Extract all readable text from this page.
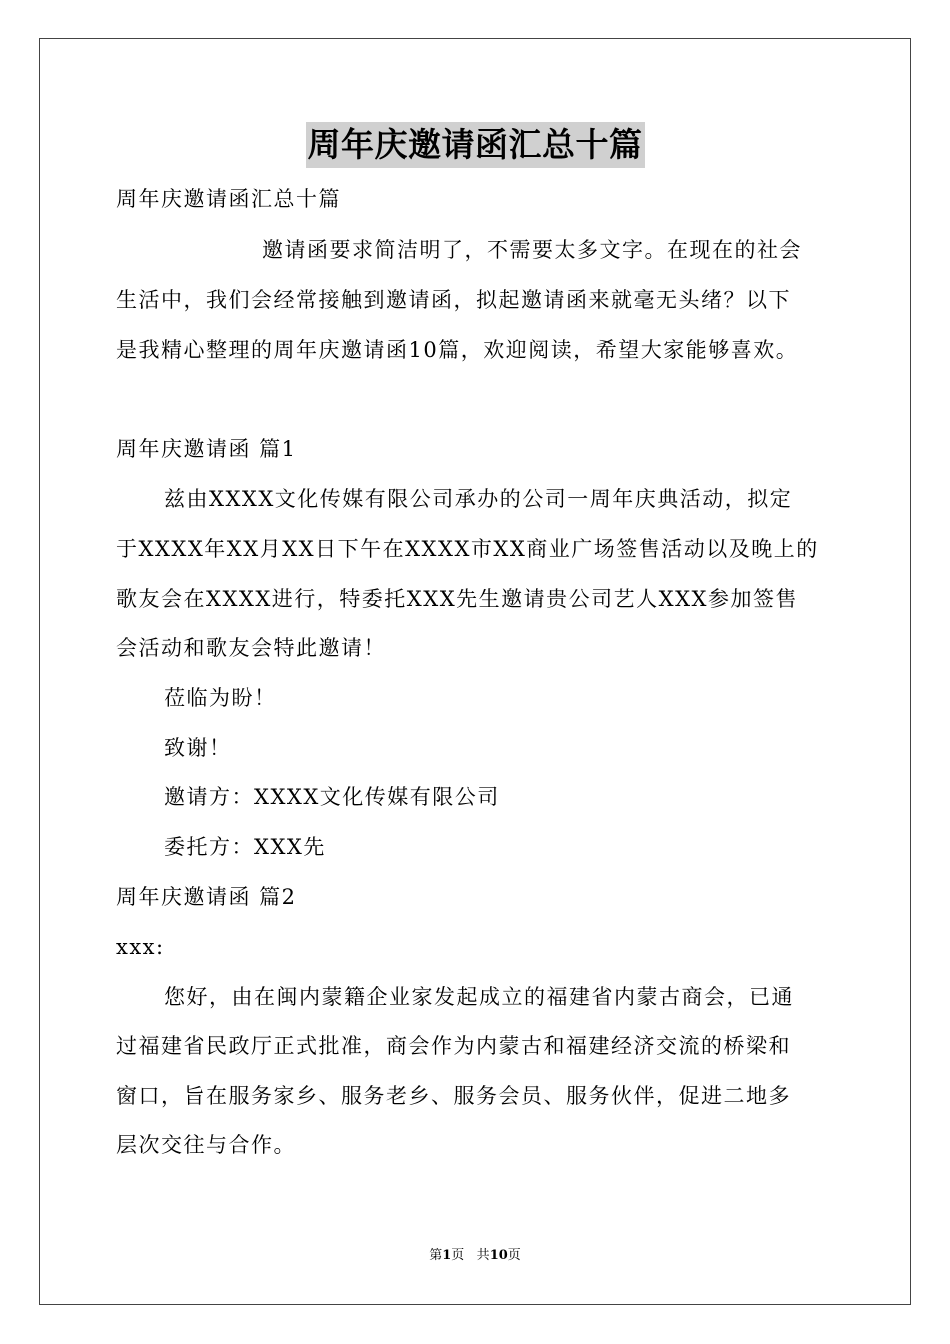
周年庆邀请函汇总十篇
周年庆邀请函汇总十篇
邀请函要求简洁明了，不需要太多文字。在现在的社会
生活中，我们会经常接触到邀请函，拟起邀请函来就毫无头绪？以下
是我精心整理的周年庆邀请函10篇，欢迎阅读，希望大家能够喜欢。
周年庆邀请函 篇1
兹由XXXX文化传媒有限公司承办的公司一周年庆典活动，拟定
于XXXX年XX月XX日下午在XXXX市XX商业广场签售活动以及晚上的
歌友会在XXXX进行，特委托XXX先生邀请贵公司艺人XXX参加签售
会活动和歌友会特此邀请！
莅临为盼！
致谢！
邀请方：XXXX文化传媒有限公司
委托方：XXX先
周年庆邀请函 篇2
xxx:
您好，由在闽内蒙籍企业家发起成立的福建省内蒙古商会，已通
过福建省民政厅正式批准，商会作为内蒙古和福建经济交流的桥梁和
窗口，旨在服务家乡、服务老乡、服务会员、服务伙伴，促进二地多
层次交往与合作。
第1页 共10页
